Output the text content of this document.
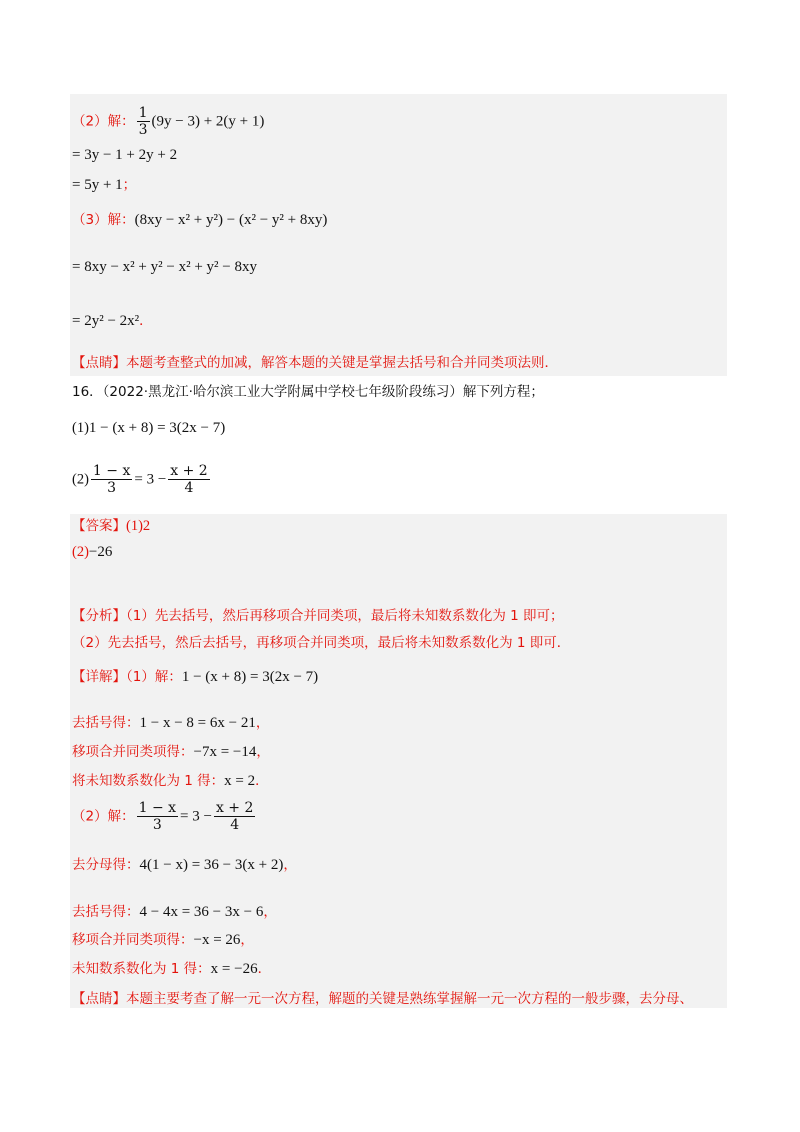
（2）解： $\frac{1}{3} (9y - 3) + 2(y + 1)$
= 3y − 1 + 2y + 2
= 5y + 1；
（3）解：(8xy − x² + y²) − (x² − y² + 8xy)
= 8xy − x² + y² − x² + y² − 8xy
= 2y² − 2x²．
【点睛】本题考查整式的加减，解答本题的关键是掌握去括号和合并同类项法则．
16．（2022·黑龙江·哈尔滨工业大学附属中学校七年级阶段练习）解下列方程；
(1)1 − (x + 8) = 3(2x − 7)
$(2) \frac{1 - x}{3} = 3 - \frac{x + 2}{4}$
【答案】(1)2
(2)−26
【分析】（1）先去括号，然后再移项合并同类项，最后将未知数系数化为 1 即可；
（2）先去括号，然后去括号，再移项合并同类项，最后将未知数系数化为 1 即可．
【详解】（1）解：1 − (x + 8) = 3(2x − 7)
去括号得：1 − x − 8 = 6x − 21，
移项合并同类项得：−7x = −14，
将未知数系数化为 1 得：x = 2．
（2）解： $\frac{1 - x}{3} = 3 - \frac{x + 2}{4}$
去分母得：4(1 − x) = 36 − 3(x + 2)，
去括号得：4 − 4x = 36 − 3x − 6，
移项合并同类项得：−x = 26，
未知数系数化为 1 得：x = −26．
【点睛】本题主要考查了解一元一次方程，解题的关键是熟练掌握解一元一次方程的一般步骤，去分母、
